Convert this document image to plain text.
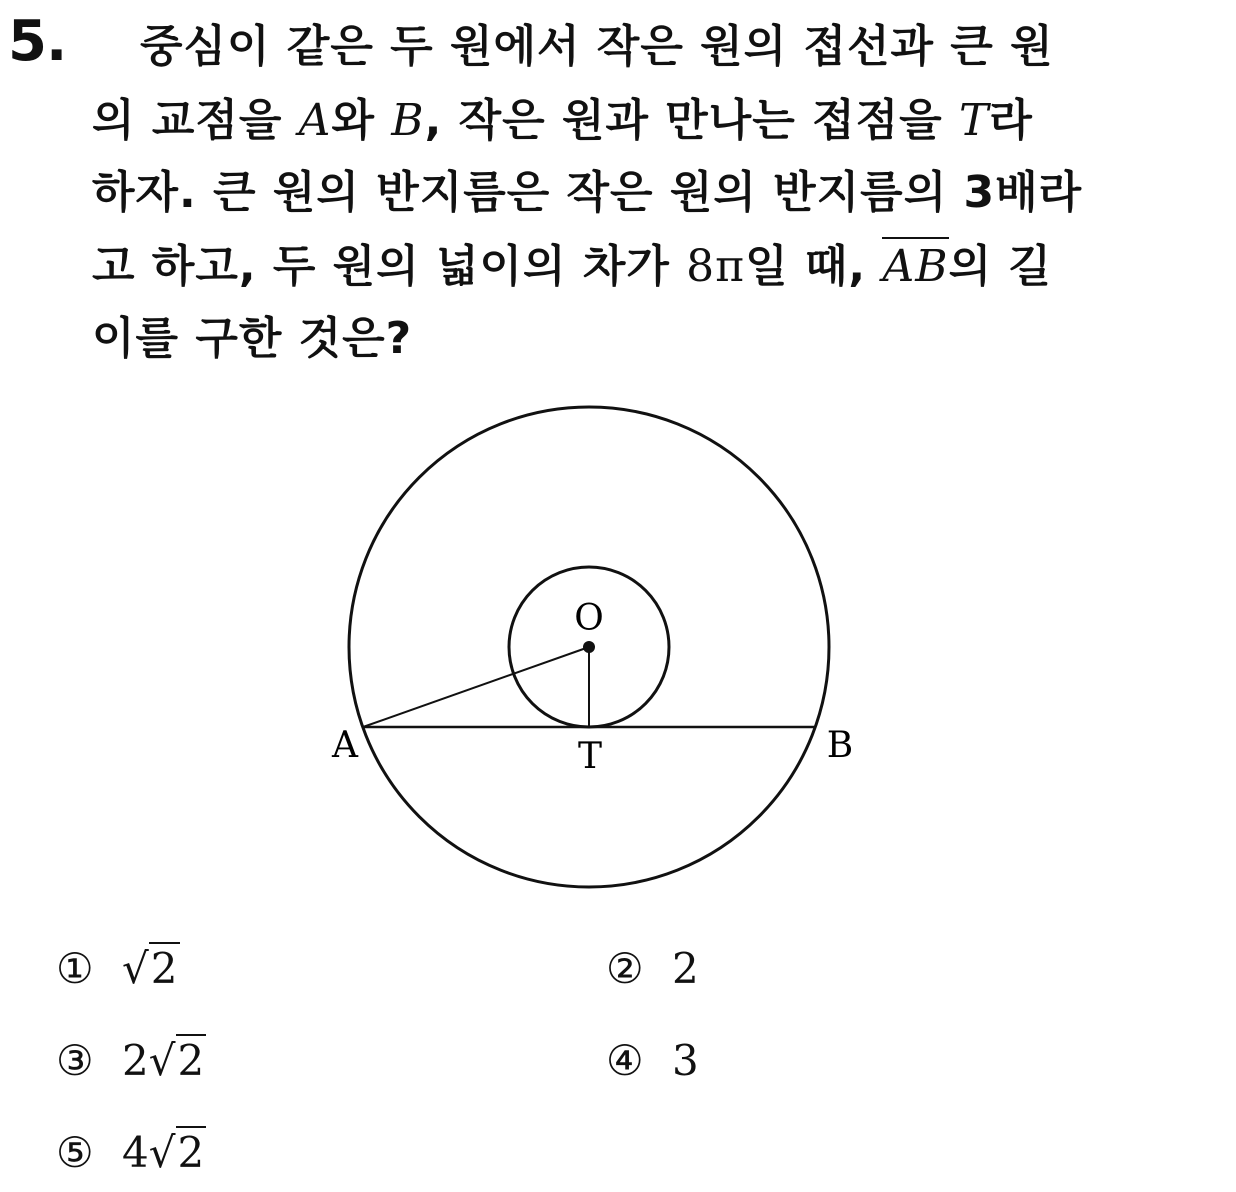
5. 중심이 같은 두 원에서 작은 원의 접선과 큰 원
의 교점을 A와 B, 작은 원과 만나는 접점을 T라
하자. 큰 원의 반지름은 작은 원의 반지름의 3배라
고 하고, 두 원의 넓이의 차가 8π일 때, AB의 길
이를 구한 것은?
O
A	B
T
① √2	② 2
③ 2√2	④ 3
⑤ 4√2
